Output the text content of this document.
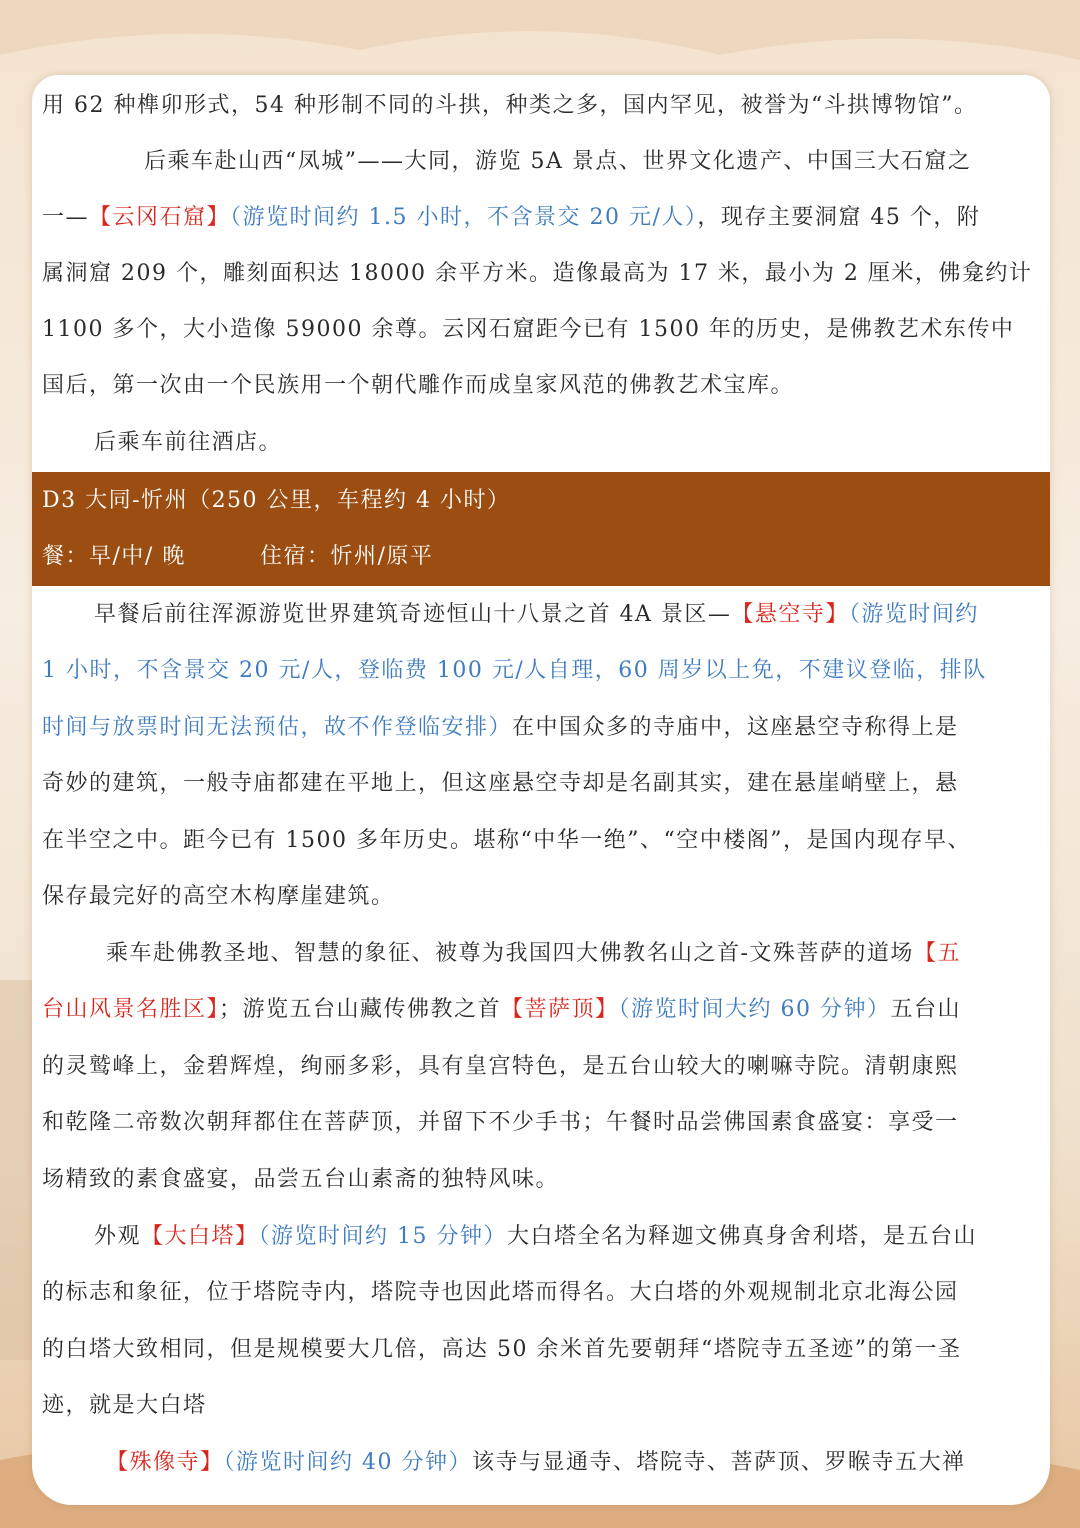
用 62 种榫卯形式，54 种形制不同的斗拱，种类之多，国内罕见，被誉为“斗拱博物馆”。
后乘车赴山西“凤城”——大同，游览 5A 景点、世界文化遗产、中国三大石窟之
一—【云冈石窟】（游览时间约 1.5 小时，不含景交 20 元/人），现存主要洞窟 45 个，附
属洞窟 209 个，雕刻面积达 18000 余平方米。造像最高为 17 米，最小为 2 厘米，佛龛约计
1100 多个，大小造像 59000 余尊。云冈石窟距今已有 1500 年的历史，是佛教艺术东传中
国后，第一次由一个民族用一个朝代雕作而成皇家风范的佛教艺术宝库。
后乘车前往酒店。
D3 大同-忻州（250 公里，车程约 4 小时）
餐：早/中/ 晚	住宿：忻州/原平
早餐后前往浑源游览世界建筑奇迹恒山十八景之首 4A 景区—【悬空寺】（游览时间约
1 小时，不含景交 20 元/人，登临费 100 元/人自理，60 周岁以上免，不建议登临，排队
时间与放票时间无法预估，故不作登临安排）在中国众多的寺庙中，这座悬空寺称得上是
奇妙的建筑，一般寺庙都建在平地上，但这座悬空寺却是名副其实，建在悬崖峭壁上，悬
在半空之中。距今已有 1500 多年历史。堪称“中华一绝”、“空中楼阁”，是国内现存早、
保存最完好的高空木构摩崖建筑。
乘车赴佛教圣地、智慧的象征、被尊为我国四大佛教名山之首-文殊菩萨的道场【五
台山风景名胜区】；游览五台山藏传佛教之首【菩萨顶】（游览时间大约 60 分钟）五台山
的灵鹫峰上，金碧辉煌，绚丽多彩，具有皇宫特色，是五台山较大的喇嘛寺院。清朝康熙
和乾隆二帝数次朝拜都住在菩萨顶，并留下不少手书；午餐时品尝佛国素食盛宴：享受一
场精致的素食盛宴，品尝五台山素斋的独特风味。
外观【大白塔】（游览时间约 15 分钟）大白塔全名为释迦文佛真身舍利塔，是五台山
的标志和象征，位于塔院寺内，塔院寺也因此塔而得名。大白塔的外观规制北京北海公园
的白塔大致相同，但是规模要大几倍，高达 50 余米首先要朝拜“塔院寺五圣迹”的第一圣
迹，就是大白塔
【殊像寺】（游览时间约 40 分钟）该寺与显通寺、塔院寺、菩萨顶、罗睺寺五大禅
